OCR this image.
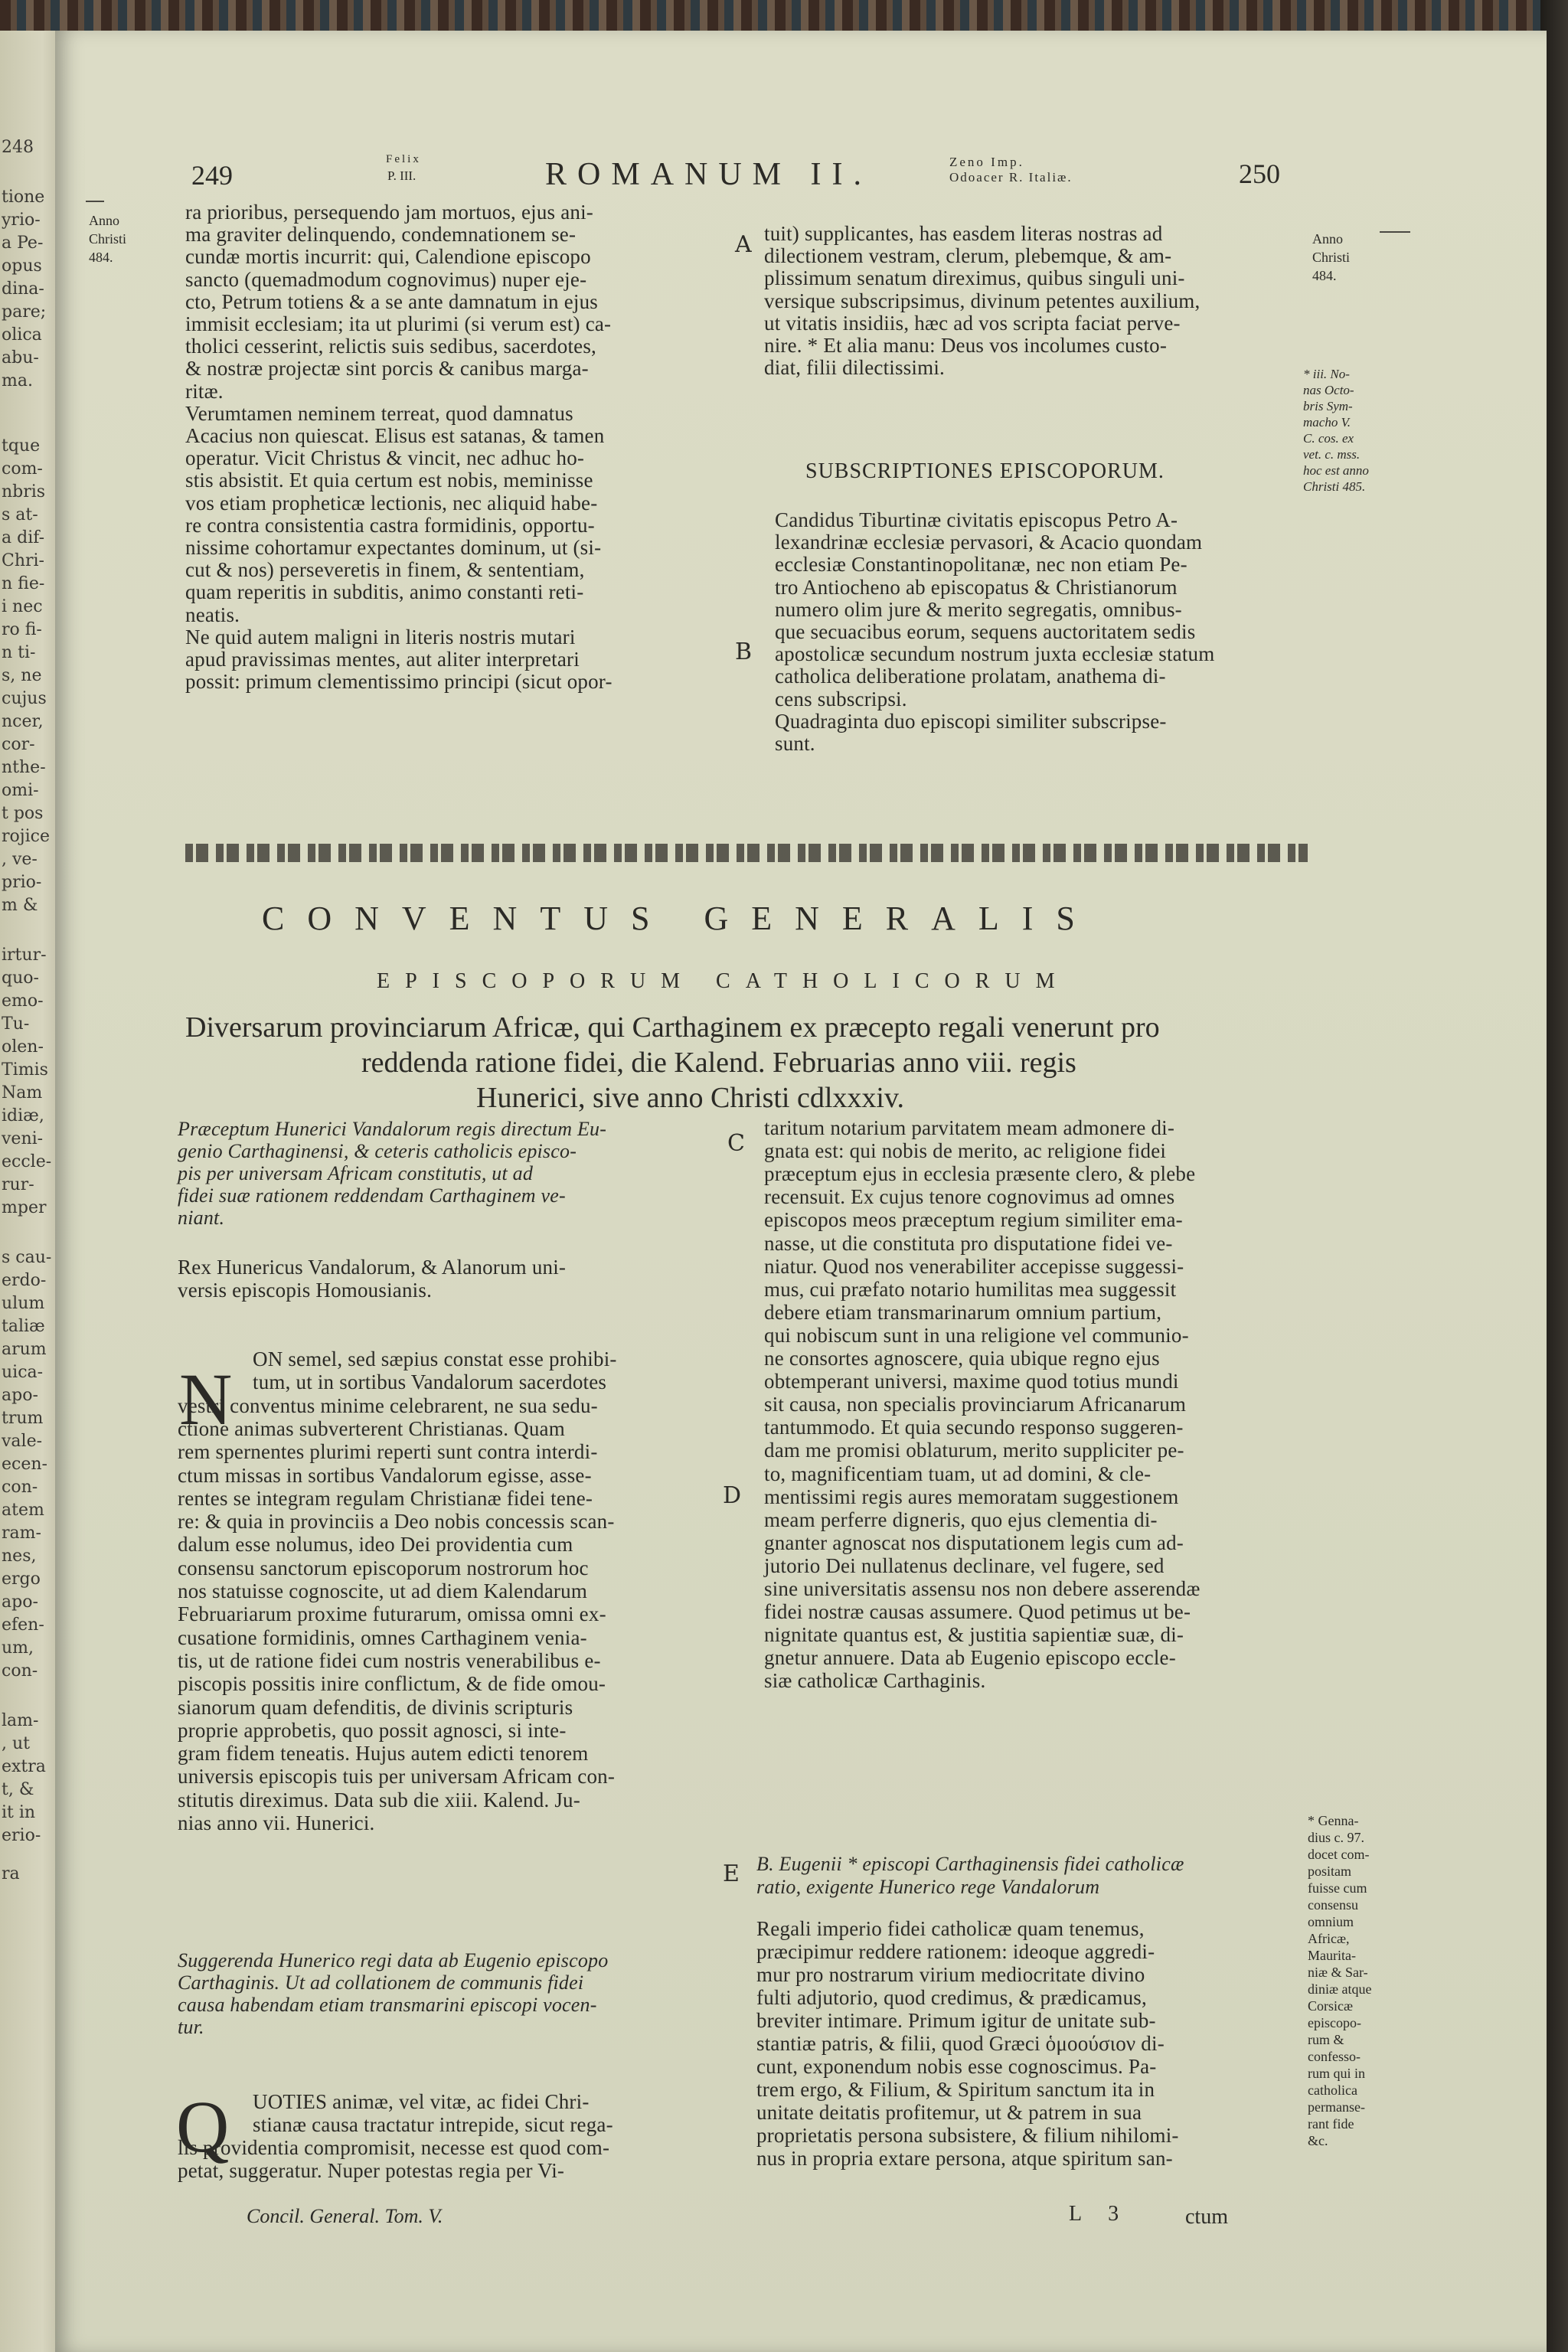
248
tione
yrio-
a Pe-
opus
dina-
pare;
olica
abu-
ma.
tque
com-
nbris
s at-
a dif-
Chri-
n fie-
i nec
ro fi-
n ti-
s, ne
cujus
ncer,
cor-
nthe-
omi-
t pos
rojice
, ve-
prio-
m &
irtur-
quo-
emo-
Tu-
olen-
Timis
Nam
idiæ,
veni-
eccle-
rur-
mper
s cau-
erdo-
ulum
taliæ
arum
uica-
apo-
trum
vale-
ecen-
con-
atem
ram-
nes,
ergo
apo-
efen-
um,
con-
lam-
, ut
extra
t, &
it in
erio-
ra
249
Felix
P. III.	ROMANUM II.	Zeno Imp.
Odoacer R. Italiæ.	250
Anno
Christi
484.
Anno
Christi
484.
* iii. No-
nas Octo-
bris Sym-
macho V.
C. cos. ex
vet. c. mss.
hoc est anno
Christi 485.
* Genna-
dius c. 97.
docet com-
positam
fuisse cum
consensu
omnium
Africæ,
Maurita-
niæ & Sar-
diniæ atque
Corsicæ
episcopo-
rum &
confesso-
rum qui in
catholica
permanse-
rant fide
&c.
A
B
C
D
E
ra prioribus, persequendo jam mortuos, ejus ani-
ma graviter delinquendo, condemnationem se-
cundæ mortis incurrit: qui, Calendione episcopo
sancto (quemadmodum cognovimus) nuper eje-
cto, Petrum totiens & a se ante damnatum in ejus
immisit ecclesiam; ita ut plurimi (si verum est) ca-
tholici cesserint, relictis suis sedibus, sacerdotes,
& nostræ projectæ sint porcis & canibus marga-
ritæ.
Verumtamen neminem terreat, quod damnatus
Acacius non quiescat. Elisus est satanas, & tamen
operatur. Vicit Christus & vincit, nec adhuc ho-
stis absistit. Et quia certum est nobis, meminisse
vos etiam propheticæ lectionis, nec aliquid habe-
re contra consistentia castra formidinis, opportu-
nissime cohortamur expectantes dominum, ut (si-
cut & nos) perseveretis in finem, & sententiam,
quam reperitis in subditis, animo constanti reti-
neatis.
Ne quid autem maligni in literis nostris mutari
apud pravissimas mentes, aut aliter interpretari
possit: primum clementissimo principi (sicut opor-
tuit) supplicantes, has easdem literas nostras ad
dilectionem vestram, clerum, plebemque, & am-
plissimum senatum direximus, quibus singuli uni-
versique subscripsimus, divinum petentes auxilium,
ut vitatis insidiis, hæc ad vos scripta faciat perve-
nire. * Et alia manu: Deus vos incolumes custo-
diat, filii dilectissimi.
SUBSCRIPTIONES EPISCOPORUM.
Candidus Tiburtinæ civitatis episcopus Petro A-
lexandrinæ ecclesiæ pervasori, & Acacio quondam
ecclesiæ Constantinopolitanæ, nec non etiam Pe-
tro Antiocheno ab episcopatus & Christianorum
numero olim jure & merito segregatis, omnibus-
que secuacibus eorum, sequens auctoritatem sedis
apostolicæ secundum nostrum juxta ecclesiæ statum
catholica deliberatione prolatam, anathema di-
cens subscripsi.
Quadraginta duo episcopi similiter subscripse-
sunt.
CONVENTUS GENERALIS
EPISCOPORUM CATHOLICORUM
Diversarum provinciarum Africæ, qui Carthaginem ex præcepto regali venerunt pro
reddenda ratione fidei, die Kalend. Februarias anno viii. regis
Hunerici, sive anno Christi cdlxxxiv.
Præceptum Hunerici Vandalorum regis directum Eu-
genio Carthaginensi, & ceteris catholicis episco-
pis per universam Africam constitutis, ut ad
fidei suæ rationem reddendam Carthaginem ve-
niant.
Rex Hunericus Vandalorum, & Alanorum uni-
versis episcopis Homousianis.
N ON semel, sed sæpius constat esse prohibi-
tum, ut in sortibus Vandalorum sacerdotes
vestri conventus minime celebrarent, ne sua sedu-
ctione animas subverterent Christianas. Quam
rem spernentes plurimi reperti sunt contra interdi-
ctum missas in sortibus Vandalorum egisse, asse-
rentes se integram regulam Christianæ fidei tene-
re: & quia in provinciis a Deo nobis concessis scan-
dalum esse nolumus, ideo Dei providentia cum
consensu sanctorum episcoporum nostrorum hoc
nos statuisse cognoscite, ut ad diem Kalendarum
Februariarum proxime futurarum, omissa omni ex-
cusatione formidinis, omnes Carthaginem venia-
tis, ut de ratione fidei cum nostris venerabilibus e-
piscopis possitis inire conflictum, & de fide omou-
sianorum quam defenditis, de divinis scripturis
proprie approbetis, quo possit agnosci, si inte-
gram fidem teneatis. Hujus autem edicti tenorem
universis episcopis tuis per universam Africam con-
stitutis direximus. Data sub die xiii. Kalend. Ju-
nias anno vii. Hunerici.
Suggerenda Hunerico regi data ab Eugenio episcopo
Carthaginis. Ut ad collationem de communis fidei
causa habendam etiam transmarini episcopi vocen-
tur.
Q UOTIES animæ, vel vitæ, ac fidei Chri-
stianæ causa tractatur intrepide, sicut rega-
lis providentia compromisit, necesse est quod com-
petat, suggeratur. Nuper potestas regia per Vi-
Concil. General. Tom. V.
taritum notarium parvitatem meam admonere di-
gnata est: qui nobis de merito, ac religione fidei
præceptum ejus in ecclesia præsente clero, & plebe
recensuit. Ex cujus tenore cognovimus ad omnes
episcopos meos præceptum regium similiter ema-
nasse, ut die constituta pro disputatione fidei ve-
niatur. Quod nos venerabiliter accepisse suggessi-
mus, cui præfato notario humilitas mea suggessit
debere etiam transmarinarum omnium partium,
qui nobiscum sunt in una religione vel communio-
ne consortes agnoscere, quia ubique regno ejus
obtemperant universi, maxime quod totius mundi
sit causa, non specialis provinciarum Africanarum
tantummodo. Et quia secundo responso suggeren-
dam me promisi oblaturum, merito suppliciter pe-
to, magnificentiam tuam, ut ad domini, & cle-
mentissimi regis aures memoratam suggestionem
meam perferre digneris, quo ejus clementia di-
gnanter agnoscat nos disputationem legis cum ad-
jutorio Dei nullatenus declinare, vel fugere, sed
sine universitatis assensu nos non debere asserendæ
fidei nostræ causas assumere. Quod petimus ut be-
nignitate quantus est, & justitia sapientiæ suæ, di-
gnetur annuere. Data ab Eugenio episcopo eccle-
siæ catholicæ Carthaginis.
B. Eugenii * episcopi Carthaginensis fidei catholicæ
ratio, exigente Hunerico rege Vandalorum
Regali imperio fidei catholicæ quam tenemus,
præcipimur reddere rationem: ideoque aggredi-
mur pro nostrarum virium mediocritate divino
fulti adjutorio, quod credimus, & prædicamus,
breviter intimare. Primum igitur de unitate sub-
stantiæ patris, & filii, quod Græci ὁμοούσιον di-
cunt, exponendum nobis esse cognoscimus. Pa-
trem ergo, & Filium, & Spiritum sanctum ita in
unitate deitatis profitemur, ut & patrem in sua
proprietatis persona subsistere, & filium nihilomi-
nus in propria extare persona, atque spiritum san-
L 3	ctum
